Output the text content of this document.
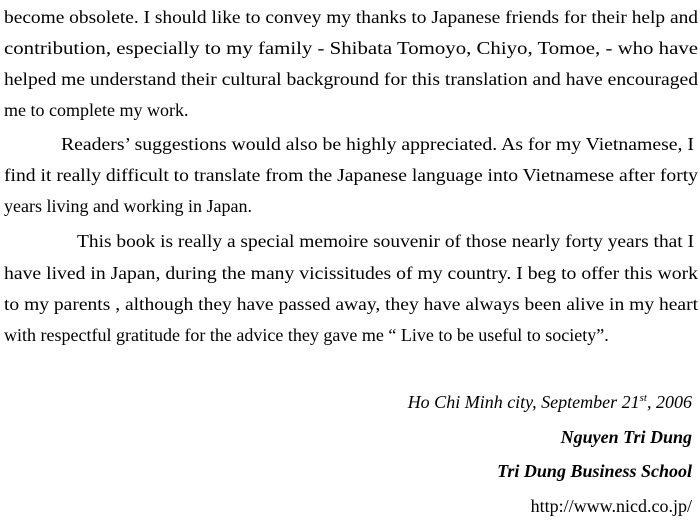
become obsolete. I should like to convey my thanks to Japanese friends for their help and
contribution, especially to my family - Shibata Tomoyo, Chiyo, Tomoe, - who have
helped me understand their cultural background for this translation and have encouraged
me to complete my work.
Readers’ suggestions would also be highly appreciated. As for my Vietnamese, I
find it really difficult to translate from the Japanese language into Vietnamese after forty
years living and working in Japan.
This book is really a special memoire souvenir of those nearly forty years that I
have lived in Japan, during the many vicissitudes of my country. I beg to offer this work
to my parents , although they have passed away, they have always been alive in my heart
with respectful gratitude for the advice they gave me “ Live to be useful to society”.
Ho Chi Minh city, September 21st, 2006
Nguyen Tri Dung
Tri Dung Business School
http://www.nicd.co.jp/
